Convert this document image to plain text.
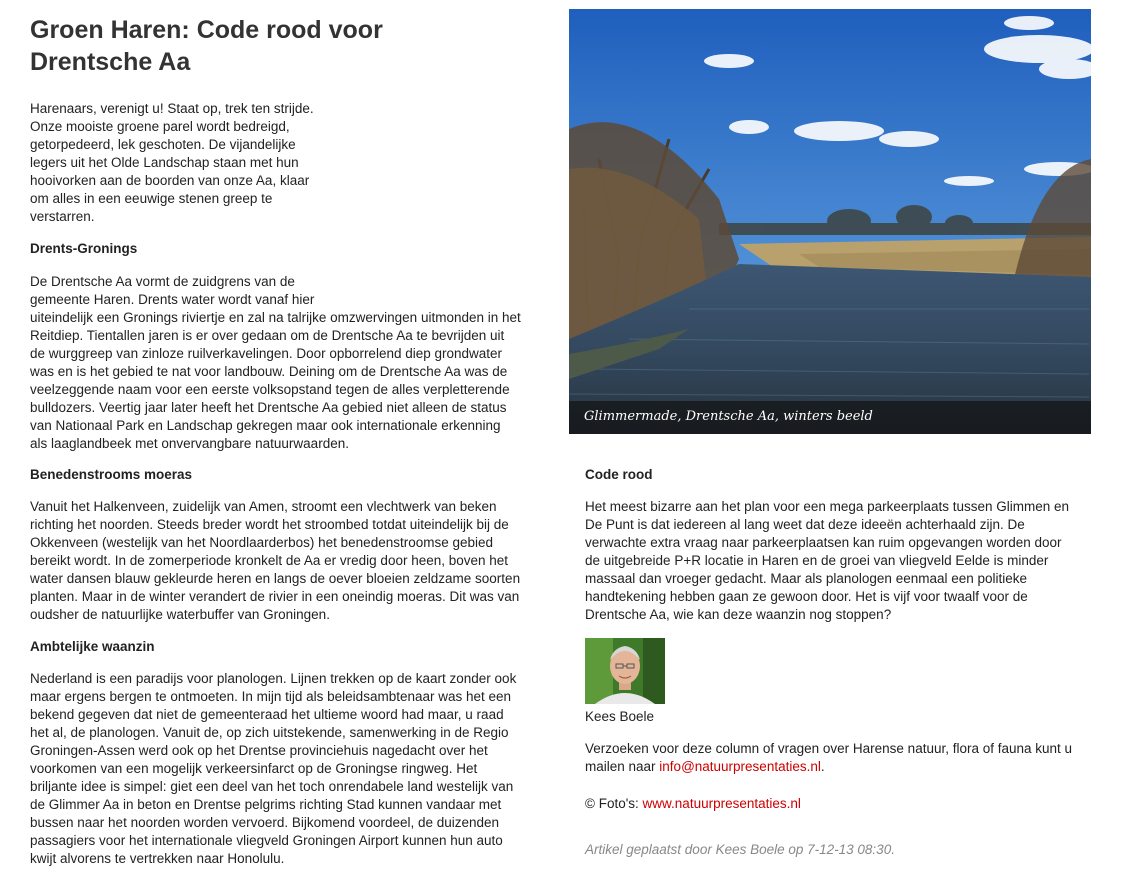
Groen Haren: Code rood voor Drentsche Aa

Harenaars, verenigt u! Staat op, trek ten strijde.
Onze mooiste groene parel wordt bedreigd,
getorpedeerd, lek geschoten. De vijandelijke
legers uit het Olde Landschap staan met hun
hooivorken aan de boorden van onze Aa, klaar
om alles in een eeuwige stenen greep te
verstarren.

Drents-Gronings

De Drentsche Aa vormt de zuidgrens van de
gemeente Haren. Drents water wordt vanaf hier
uiteindelijk een Gronings riviertje en zal na talrijke omzwervingen uitmonden in het
Reitdiep. Tientallen jaren is er over gedaan om de Drentsche Aa te bevrijden uit
de wurggreep van zinloze ruilverkavelingen. Door opborrelend diep grondwater
was en is het gebied te nat voor landbouw. Deining om de Drentsche Aa was de
veelzeggende naam voor een eerste volksopstand tegen de alles verpletterende
bulldozers. Veertig jaar later heeft het Drentsche Aa gebied niet alleen de status
van Nationaal Park en Landschap gekregen maar ook internationale erkenning
als laaglandbeek met onvervangbare natuurwaarden.

Benedenstrooms moeras

Vanuit het Halkenveen, zuidelijk van Amen, stroomt een vlechtwerk van beken
richting het noorden. Steeds breder wordt het stroombed totdat uiteindelijk bij de
Okkenveen (westelijk van het Noordlaarderbos) het benedenstroomse gebied
bereikt wordt. In de zomerperiode kronkelt de Aa er vredig door heen, boven het
water dansen blauw gekleurde heren en langs de oever bloeien zeldzame soorten
planten. Maar in de winter verandert de rivier in een oneindig moeras. Dit was van
oudsher de natuurlijke waterbuffer van Groningen.

Ambtelijke waanzin

Nederland is een paradijs voor planologen. Lijnen trekken op de kaart zonder ook
maar ergens bergen te ontmoeten. In mijn tijd als beleidsambtenaar was het een
bekend gegeven dat niet de gemeenteraad het ultieme woord had maar, u raad
het al, de planologen. Vanuit de, op zich uitstekende, samenwerking in de Regio
Groningen-Assen werd ook op het Drentse provinciehuis nagedacht over het
voorkomen van een mogelijk verkeersinfarct op de Groningse ringweg. Het
briljante idee is simpel: giet een deel van het toch onrendabele land westelijk van
de Glimmer Aa in beton en Drentse pelgrims richting Stad kunnen vandaar met
bussen naar het noorden worden vervoerd. Bijkomend voordeel, de duizenden
passagiers voor het internationale vliegveld Groningen Airport kunnen hun auto
kwijt alvorens te vertrekken naar Honolulu.

Glimmermade, Drentsche Aa, winters beeld

Code rood

Het meest bizarre aan het plan voor een mega parkeerplaats tussen Glimmen en
De Punt is dat iedereen al lang weet dat deze ideeën achterhaald zijn. De
verwachte extra vraag naar parkeerplaatsen kan ruim opgevangen worden door
de uitgebreide P+R locatie in Haren en de groei van vliegveld Eelde is minder
massaal dan vroeger gedacht. Maar als planologen eenmaal een politieke
handtekening hebben gaan ze gewoon door. Het is vijf voor twaalf voor de
Drentsche Aa, wie kan deze waanzin nog stoppen?

Kees Boele

Verzoeken voor deze column of vragen over Harense natuur, flora of fauna kunt u
mailen naar info@natuurpresentaties.nl.

© Foto's: www.natuurpresentaties.nl

Artikel geplaatst door Kees Boele op 7-12-13 08:30.
